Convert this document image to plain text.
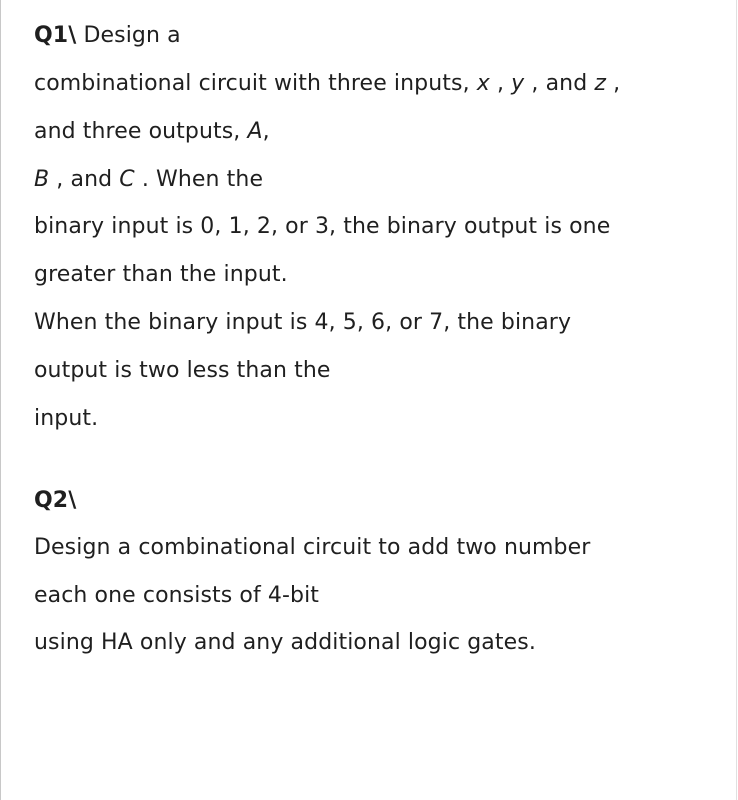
Q1\ Design a
combinational circuit with three inputs, x , y , and z ,
and three outputs, A,
B , and C . When the
binary input is 0, 1, 2, or 3, the binary output is one
greater than the input.
When the binary input is 4, 5, 6, or 7, the binary
output is two less than the
input.
Q2\
Design a combinational circuit to add two number
each one consists of 4-bit
using HA only and any additional logic gates.
